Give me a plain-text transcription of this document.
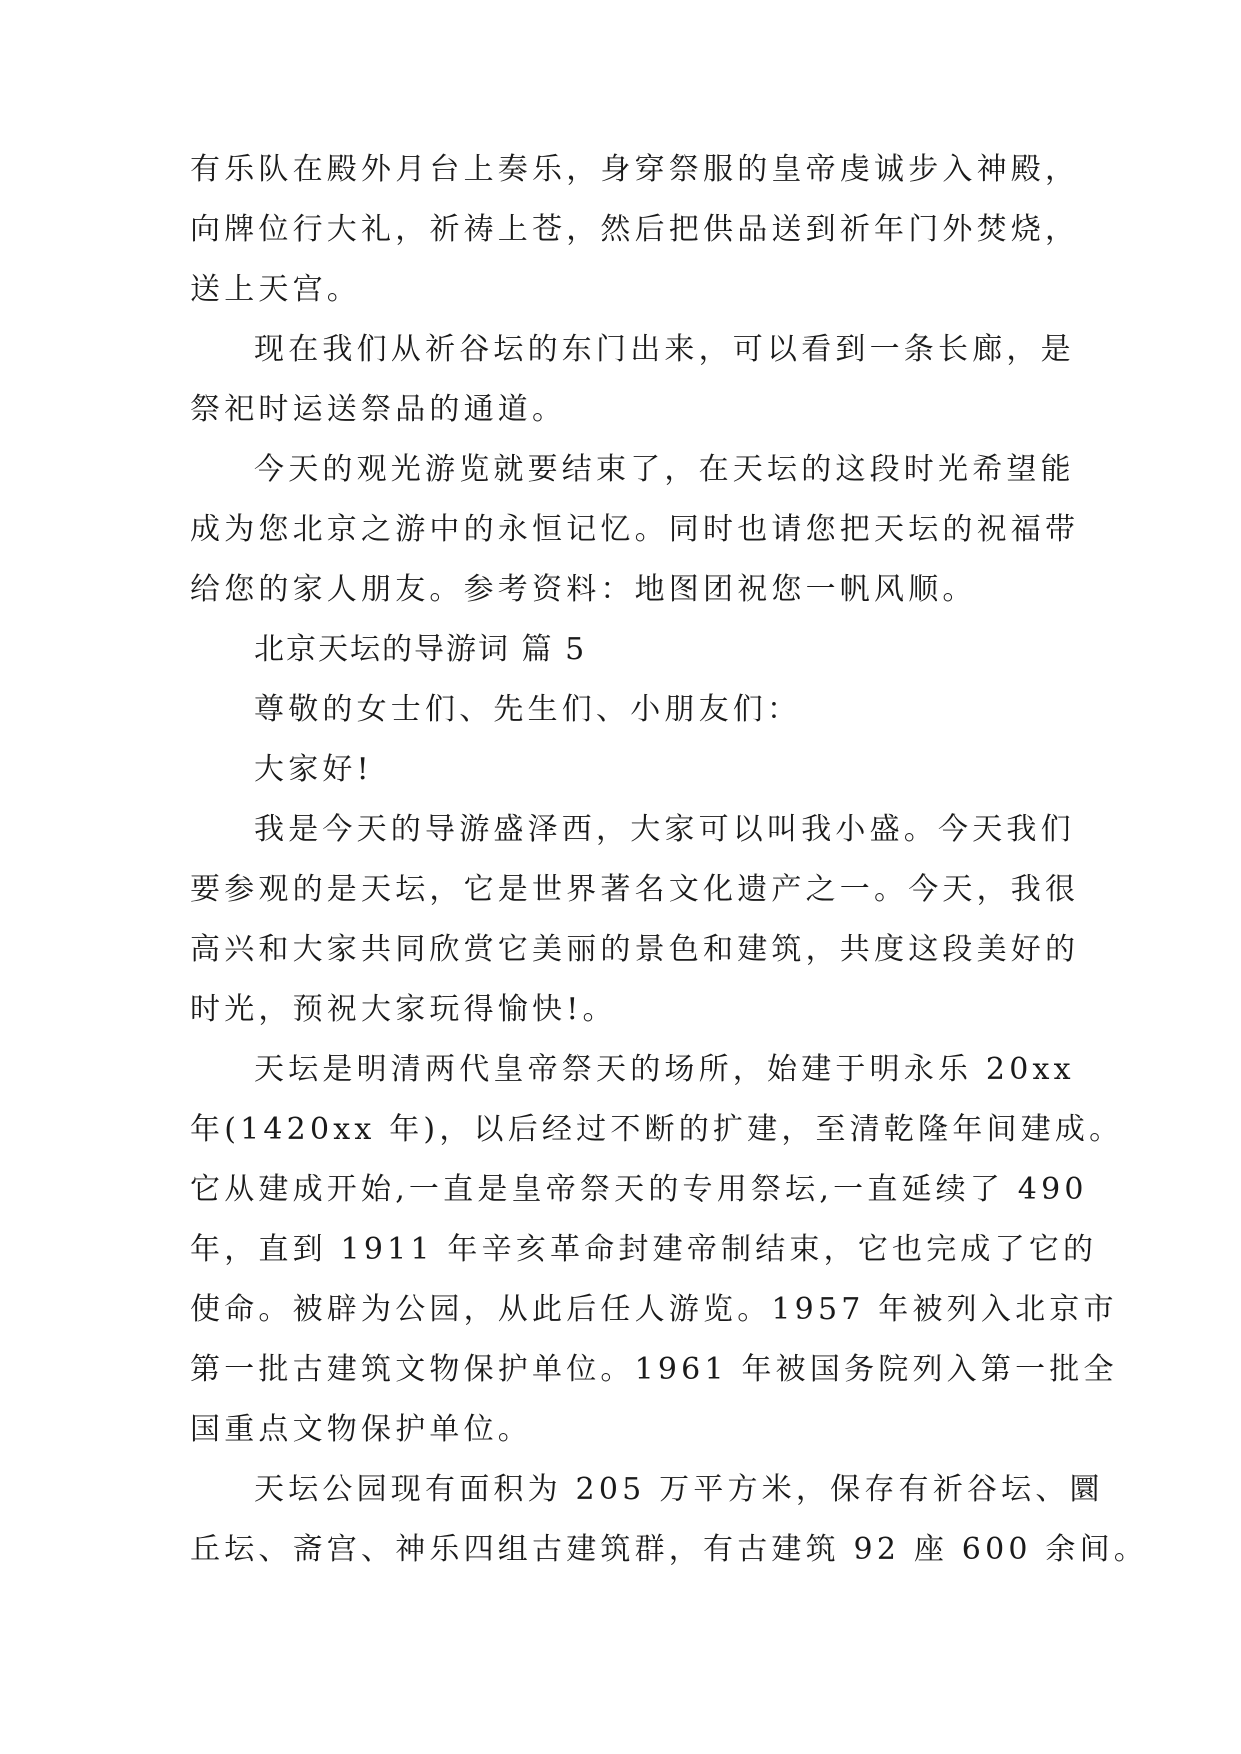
有乐队在殿外月台上奏乐，身穿祭服的皇帝虔诚步入神殿，
向牌位行大礼，祈祷上苍，然后把供品送到祈年门外焚烧，
送上天宫。
现在我们从祈谷坛的东门出来，可以看到一条长廊，是
祭祀时运送祭品的通道。
今天的观光游览就要结束了，在天坛的这段时光希望能
成为您北京之游中的永恒记忆。同时也请您把天坛的祝福带
给您的家人朋友。参考资料：地图团祝您一帆风顺。
北京天坛的导游词 篇 5
尊敬的女士们、先生们、小朋友们：
大家好!
我是今天的导游盛泽西，大家可以叫我小盛。今天我们
要参观的是天坛，它是世界著名文化遗产之一。今天，我很
高兴和大家共同欣赏它美丽的景色和建筑，共度这段美好的
时光，预祝大家玩得愉快!。
天坛是明清两代皇帝祭天的场所，始建于明永乐 20xx
年(1420xx 年)，以后经过不断的扩建，至清乾隆年间建成。
它从建成开始,一直是皇帝祭天的专用祭坛,一直延续了 490
年，直到 1911 年辛亥革命封建帝制结束，它也完成了它的
使命。被辟为公园，从此后任人游览。1957 年被列入北京市
第一批古建筑文物保护单位。1961 年被国务院列入第一批全
国重点文物保护单位。
天坛公园现有面积为 205 万平方米，保存有祈谷坛、圜
丘坛、斋宫、神乐四组古建筑群，有古建筑 92 座 600 余间。
